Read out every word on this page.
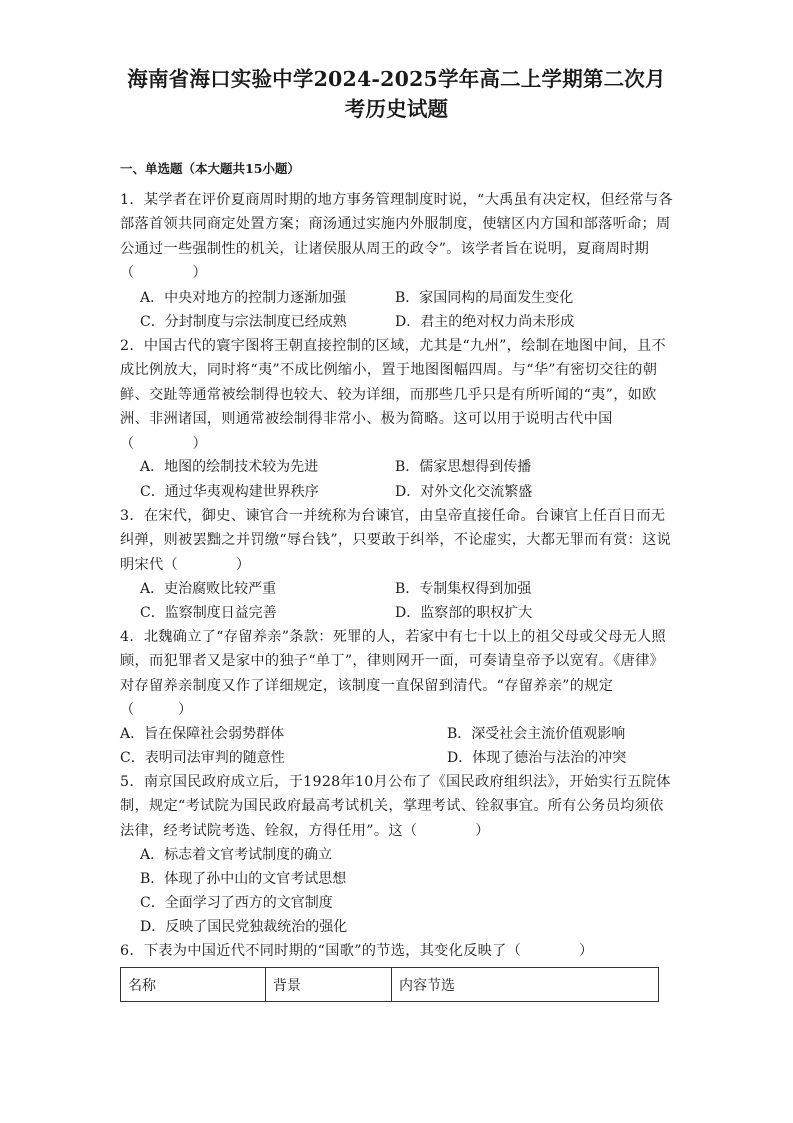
海南省海口实验中学2024-2025学年高二上学期第二次月
考历史试题
一、单选题（本大题共15小题）
1．某学者在评价夏商周时期的地方事务管理制度时说，“大禹虽有决定权，但经常与各部落首领共同商定处置方案；商汤通过实施内外服制度，使辖区内方国和部落听命；周公通过一些强制性的机关，让诸侯服从周王的政令”。该学者旨在说明，夏商周时期（　　　　）
A．中央对地方的控制力逐渐加强	B．家国同构的局面发生变化
C．分封制度与宗法制度已经成熟	D．君主的绝对权力尚未形成
2．中国古代的寰宇图将王朝直接控制的区域，尤其是“九州”，绘制在地图中间，且不成比例放大，同时将“夷”不成比例缩小，置于地图图幅四周。与“华”有密切交往的朝鲜、交趾等通常被绘制得也较大、较为详细，而那些几乎只是有所听闻的“夷”，如欧洲、非洲诸国，则通常被绘制得非常小、极为简略。这可以用于说明古代中国（　　　　）
A．地图的绘制技术较为先进	B．儒家思想得到传播
C．通过华夷观构建世界秩序	D．对外文化交流繁盛
3．在宋代，御史、谏官合一并统称为台谏官，由皇帝直接任命。台谏官上任百日而无纠弹，则被罢黜之并罚缴“辱台钱”，只要敢于纠举，不论虚实，大都无罪而有赏：这说明宋代（　　　　）
A．吏治腐败比较严重	B．专制集权得到加强
C．监察制度日益完善	D．监察部的职权扩大
4．北魏确立了“存留养亲”条款：死罪的人，若家中有七十以上的祖父母或父母无人照顾，而犯罪者又是家中的独子“单丁”，律则网开一面，可奏请皇帝予以宽宥。《唐律》对存留养亲制度又作了详细规定，该制度一直保留到清代。“存留养亲”的规定（　　　）
A．旨在保障社会弱势群体	B．深受社会主流价值观影响
C．表明司法审判的随意性	D．体现了德治与法治的冲突
5．南京国民政府成立后，于1928年10月公布了《国民政府组织法》，开始实行五院体制，规定“考试院为国民政府最高考试机关，掌理考试、铨叙事宜。所有公务员均须依法律，经考试院考选、铨叙，方得任用”。这（　　　　）
A．标志着文官考试制度的确立
B．体现了孙中山的文官考试思想
C．全面学习了西方的文官制度
D．反映了国民党独裁统治的强化
6．下表为中国近代不同时期的“国歌”的节选，其变化反映了（　　　　）
名称	背景	内容节选
